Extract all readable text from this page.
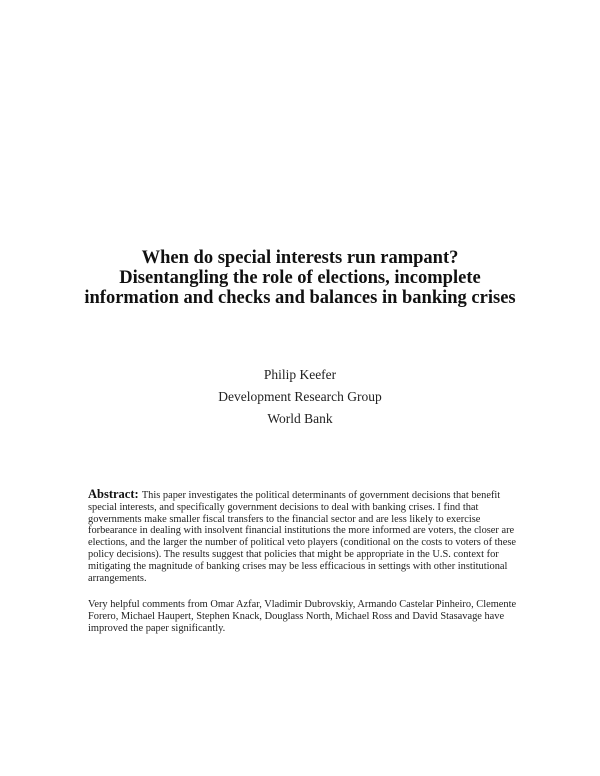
When do special interests run rampant?
Disentangling the role of elections, incomplete
information and checks and balances in banking crises
Philip Keefer
Development Research Group
World Bank
Abstract: This paper investigates the political determinants of government decisions that benefit special interests, and specifically government decisions to deal with banking crises. I find that governments make smaller fiscal transfers to the financial sector and are less likely to exercise forbearance in dealing with insolvent financial institutions the more informed are voters, the closer are elections, and the larger the number of political veto players (conditional on the costs to voters of these policy decisions). The results suggest that policies that might be appropriate in the U.S. context for mitigating the magnitude of banking crises may be less efficacious in settings with other institutional arrangements.
Very helpful comments from Omar Azfar, Vladimir Dubrovskiy, Armando Castelar Pinheiro, Clemente Forero, Michael Haupert, Stephen Knack, Douglass North, Michael Ross and David Stasavage have improved the paper significantly.
